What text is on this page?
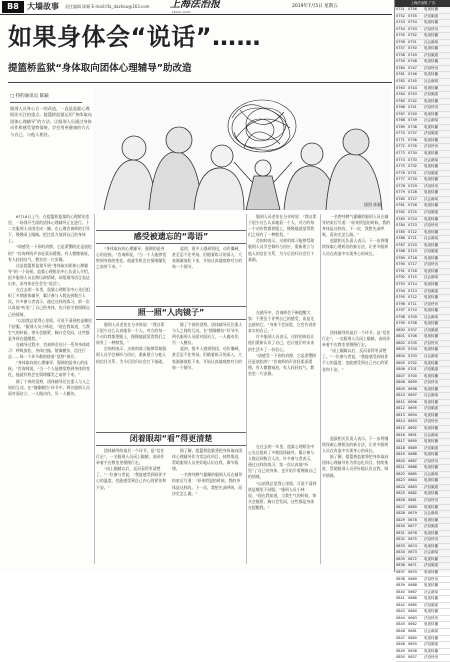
B8	大墙故事 责任编辑 陈颖 E-mail:lifa_dazhou@163.com 上海法治报
LEGAL DAILY
2019年7月5日 星期五
如果身体会“说话”……
提篮桥监狱“身体取向团体心理辅导”助改造
□ 特约通讯员 陈颖
服刑人员身心合一的改造，一直是监狱心理矫治关注的重点。提篮桥监狱运用“身体取向团体心理辅导”的方法，让服刑人员通过身体动作和感受觉察情绪，学会用更健康的方式与自己、与他人相处。
插图 陈颖
感受被遗忘的“毒语”

6月18日上午，在提篮桥监狱的心理矫治室里，一场别开生面的团体心理辅导正在进行。十二名服刑人员围坐成一圈，在心理咨询师的引导下，慢慢闭上眼睛，把注意力放到自己的身体上。

“请感受一下你的肩膀，它是紧绷的还是放松的？”咨询师的声音轻柔而缓慢。有人微微皱眉，有人轻轻叹气，教室里一片安静。

这是提篮桥监狱开展“身体取向团体心理辅导”的一个场景。监狱心理矫治中心负责人介绍，很多服刑人员长期压抑情绪，却很难用语言表达出来，而身体往往会先“说话”。

在过去的一年里，监狱心理矫治中心先后组织了多期团体辅导，累计参与人数达到数百人次。许多参与者表示，通过这样的练习，第一次认真地“听见”了自己的身体，也开始学着照顾自己的情绪。

“以前我总觉得心里烦，可说不清到底是哪里不舒服。”服刑人员小林说，“现在我知道，当我生气的时候，拳头会握紧，胸口会发闷，这些都是身体在提醒我。”

在辅导过程中，咨询师会设计一系列身体练习：呼吸放松、身体扫描、镜像模仿、信任行走……每一个环节都围绕着“觉察”展开。

“身体取向的心理辅导，强调的是身心的连接。”咨询师说，“当一个人能够觉察到身体的变化，他就有机会在情绪爆发之前停下来。”

除了个体的觉察，团体辅导还注重人与人之间的互动。在“镜像模仿”环节中，两名服刑人员面对面站立，一人做动作，另一人模仿。

“身体取向的心理辅导，强调的是身心的连接。”咨询师说，“当一个人能够觉察到身体的变化，他就有机会在情绪爆发之前停下来。”

起初，很多人感到别扭，动作僵硬，甚至忍不住笑场。但随着练习的深入，大家渐渐放松下来，开始认真地观察对方的每一个细节。

服刑人员老张在分享时说：“我这辈子很少这么认真地看一个人。对方的每一个动作我都要跟上，慢慢地就觉得我们之间有了一种默契。”

咨询师表示，这样的练习能够帮助服刑人员学会倾听与回应，重新建立与他人的信任关系，为今后回归社会打下基础。

一名曾经脾气暴躁的服刑人员在辅导结束后写道：“原来愤怒的时候，我的身体是这样的。下一次，我想先深呼吸，再决定怎么做。”

监狱相关负责人表示，下一步将继续探索心理矫治的新方法，让更多服刑人员在改造中实现身心的成长。

照一照“人肉镜子”

服刑人员老张在分享时说：“我这辈子很少这么认真地看一个人。对方的每一个动作我都要跟上，慢慢地就觉得我们之间有了一种默契。”

咨询师表示，这样的练习能够帮助服刑人员学会倾听与回应，重新建立与他人的信任关系，为今后回归社会打下基础。

除了个体的觉察，团体辅导还注重人与人之间的互动。在“镜像模仿”环节中，两名服刑人员面对面站立，一人做动作，另一人模仿。

起初，很多人感到别扭，动作僵硬，甚至忍不住笑场。但随着练习的深入，大家渐渐放松下来，开始认真地观察对方的每一个细节。

在辅导中，咨询师会不断提醒大家：不要急于评判自己的感受，而是先去接纳它。“身体不会说谎，它会告诉你真实的自己。”

许多服刑人员表示，这样的体验让他们重新认识了自己，也让他们对未来的生活多了一份信心。

“请感受一下你的肩膀，它是紧绷的还是放松的？”咨询师的声音轻柔而缓慢。有人微微皱眉，有人轻轻叹气，教室里一片安静。

团体辅导的最后一个环节，是“信任行走”。一名服刑人员闭上眼睛，由同伴牵着手在教室里慢慢行走。

“闭上眼睛以后，反而看得更清楚了。”一位参与者说，“我能感受到同伴手心的温度，也能感受到自己内心的紧张和不安。”

闭着眼却“看”得更清楚

团体辅导的最后一个环节，是“信任行走”。一名服刑人员闭上眼睛，由同伴牵着手在教室里慢慢行走。

“闭上眼睛以后，反而看得更清楚了。”一位参与者说，“我能感受到同伴手心的温度，也能感受到自己内心的紧张和不安。”

据了解，提篮桥监狱将把身体取向团体心理辅导作为常态化项目，持续推进，帮助服刑人员更好地认识自我、调节情绪。

一名曾经脾气暴躁的服刑人员在辅导结束后写道：“原来愤怒的时候，我的身体是这样的。下一次，我想先深呼吸，再决定怎么做。”

在过去的一年里，监狱心理矫治中心先后组织了多期团体辅导，累计参与人数达到数百人次。许多参与者表示，通过这样的练习，第一次认真地“听见”了自己的身体，也开始学着照顾自己的情绪。

“以前我总觉得心里烦，可说不清到底是哪里不舒服。”服刑人员小林说，“现在我知道，当我生气的时候，拳头会握紧，胸口会发闷，这些都是身体在提醒我。”

监狱相关负责人表示，下一步将继续探索心理矫治的新方法，让更多服刑人员在改造中实现身心的成长。

据了解，提篮桥监狱将把身体取向团体心理辅导作为常态化项目，持续推进，帮助服刑人员更好地认识自我、调节情绪。

上海法治报 广告
0751 0756	电视转播
0752 0755	法治频道
0753 0754	电视转播
0754 0753	法治快讯
0755 0752	电视转播
0756 0751	社会新闻
0757 0750	电视转播
0758 0749	法治频道
0759 0748	电视转播
0760 0747	法治快讯
0761 0746	电视转播
0762 0745	社会新闻
0763 0744	电视转播
0764 0743	法治频道
0765 0742	电视转播
0766 0741	法治快讯
0767 0740	电视转播
0768 0739	社会新闻
0769 0738	电视转播
0770 0737	法治频道
0771 0736	电视转播
0772 0735	法治快讯
0773 0734	电视转播
0774 0733	社会新闻
0775 0732	电视转播
0776 0731	法治频道
0777 0730	电视转播
0778 0729	法治快讯
0779 0728	电视转播
0780 0727	社会新闻
0781 0726	电视转播
0782 0725	法治频道
0783 0724	电视转播
0784 0723	法治快讯
0785 0722	电视转播
0786 0721	社会新闻
0787 0720	电视转播
0788 0719	法治频道
0789 0718	电视转播
0790 0717	法治快讯
0791 0716	电视转播
0792 0715	社会新闻
0793 0714	电视转播
0794 0713	法治频道
0795 0712	电视转播
0796 0711	法治快讯
0797 0710	电视转播
0798 0709	社会新闻
0799 0708	电视转播
0800 0707	法治频道
0801 0706	电视转播
0802 0705	法治快讯
0803 0704	电视转播
0804 0703	社会新闻
0805 0702	电视转播
0806 0701	法治频道
0807 0700	电视转播
0808 0699	法治快讯
0809 0698	电视转播
0810 0697	社会新闻
0811 0696	电视转播
0812 0695	法治频道
0813 0694	电视转播
0814 0693	法治快讯
0815 0692	电视转播
0816 0691	社会新闻
0817 0690	电视转播
0818 0689	法治频道
0819 0688	电视转播
0820 0687	法治快讯
0821 0686	电视转播
0822 0685	社会新闻
0823 0684	电视转播
0824 0683	法治频道
0825 0682	电视转播
0826 0681	法治快讯
0827 0680	电视转播
0828 0679	社会新闻
0829 0678	电视转播
0830 0677	法治频道
0831 0676	电视转播
0832 0675	法治快讯
0833 0674	电视转播
0834 0673	社会新闻
0835 0672	电视转播
0836 0671	法治频道
0837 0670	电视转播
0838 0669	法治快讯
0839 0668	电视转播
0840 0667	社会新闻
0841 0666	电视转播
0842 0665	法治频道
0843 0664	电视转播
0844 0663	法治快讯
0845 0662	电视转播
0846 0661	社会新闻
0847 0660	电视转播
0848 0659	法治频道
0849 0658	电视转播
0850 0657	法治快讯
